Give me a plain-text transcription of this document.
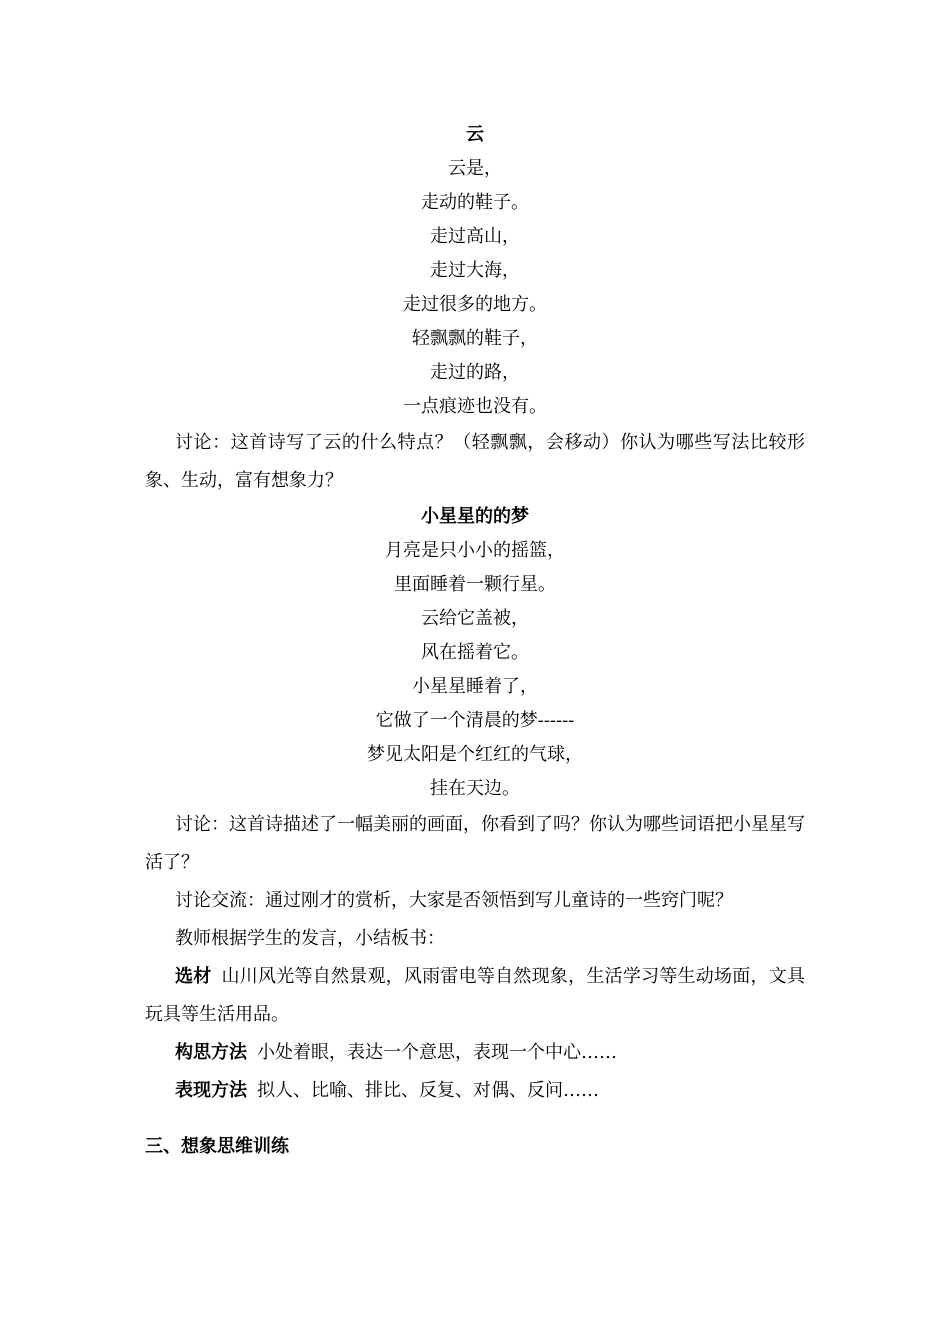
云
云是，
走动的鞋子。
走过高山，
走过大海，
走过很多的地方。
轻飘飘的鞋子，
走过的路，
一点痕迹也没有。
讨论：这首诗写了云的什么特点？（轻飘飘，会移动）你认为哪些写法比较形象、生动，富有想象力？
小星星的的梦
月亮是只小小的摇篮，
里面睡着一颗行星。
云给它盖被，
风在摇着它。
小星星睡着了，
它做了一个清晨的梦------
梦见太阳是个红红的气球，
挂在天边。
讨论：这首诗描述了一幅美丽的画面，你看到了吗？你认为哪些词语把小星星写活了？
讨论交流：通过刚才的赏析，大家是否领悟到写儿童诗的一些窍门呢？
教师根据学生的发言，小结板书：
选材 山川风光等自然景观，风雨雷电等自然现象，生活学习等生动场面，文具玩具等生活用品。
构思方法 小处着眼，表达一个意思，表现一个中心……
表现方法 拟人、比喻、排比、反复、对偶、反问……
三、想象思维训练
